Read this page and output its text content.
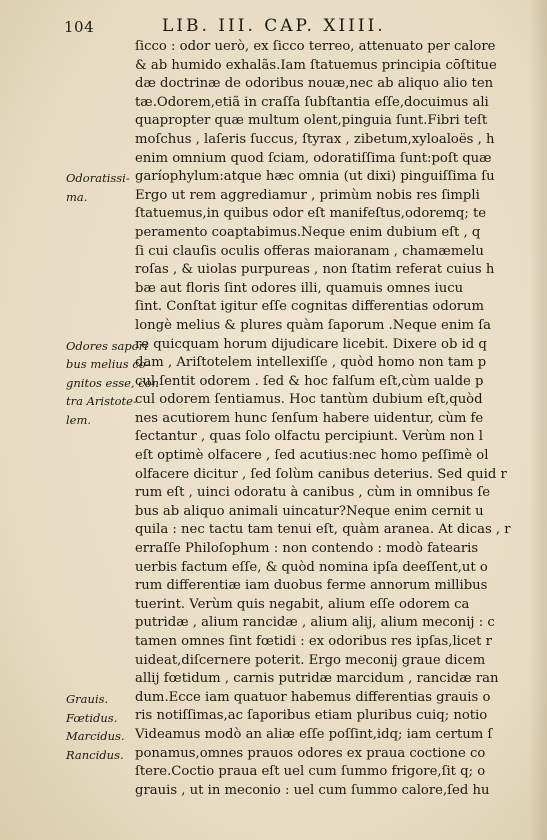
104	LIB. III. CAP. XIIII.
Odoratissi-
ma.
Odores sapori
bus melius co-
gnitos esse, con
tra Aristote-
lem.
Grauis.
Fœtidus.
Marcidus.
Rancidus.
ſicco : odor uerò, ex ſicco terreo, attenuato per calore
& ab humido exhalãs.Iam ſtatuemus principia cōſtitue
dæ doctrinæ de odoribus nouæ,nec ab aliquo alio ten
tæ.Odorem,etiã in craſſa ſubſtantia eſſe,docuimus ali
quapropter quæ multum olent,pinguia ſunt.Fibri teſt
moſchus , laſeris ſuccus, ſtyrax , zibetum,xyloaloës , h
enim omnium quod ſciam, odoratiſſima ſunt:poſt quæ
garíophylum:atque hæc omnia (ut dixi) pinguiſſima ſu
Ergo ut rem aggrediamur , primùm nobis res ſimpli
ſtatuemus,in quibus odor eſt manifeſtus,odoremq; te
peramento coaptabimus.Neque enim dubium eſt , q
ſi cui clauſis oculis offeras maioranam , chamæmelu
roſas , & uiolas purpureas , non ſtatim referat cuius h
bæ aut floris ſint odores illi, quamuis omnes iucu
ſint. Conſtat igitur eſſe cognitas differentias odorum
longè melius & plures quàm ſaporum .Neque enim ſa
re quicquam horum dijudicare licebit. Dixere ob id q
dam , Ariſtotelem intellexiſſe , quòd homo non tam p
cul ſentit odorem . ſed & hoc falſum eſt,cùm ualde p
cul odorem ſentiamus. Hoc tantùm dubium eſt,quòd
nes acutiorem hunc ſenſum habere uidentur, cùm fe
ſectantur , quas ſolo olfactu percipiunt. Verùm non l
eſt optimè olfacere , ſed acutius:nec homo peſſimè ol
olfacere dicitur , ſed ſolùm canibus deterius. Sed quid r
rum eſt , uinci odoratu à canibus , cùm in omnibus ſe
bus ab aliquo animali uincatur?Neque enim cernit u
quila : nec tactu tam tenui eſt, quàm aranea. At dicas , r
erraſſe Philoſophum : non contendo : modò fatearis
uerbis factum eſſe, & quòd nomina ipſa deeſſent,ut o
rum differentiæ iam duobus ferme annorum millibus
tuerint. Verùm quis negabit, alium eſſe odorem ca
putridæ , alium rancidæ , alium alij, alium meconij : c
tamen omnes ſint fœtidi : ex odoribus res ipſas,licet r
uideat,diſcernere poterit. Ergo meconij graue dicem
allij fœtidum , carnis putridæ marcidum , rancidæ ran
dum.Ecce iam quatuor habemus differentias grauis o
ris notiſſimas,ac ſaporibus etiam pluribus cuiq; notio
Videamus modò an aliæ eſſe poſſint,idq; iam certum ſ
ponamus,omnes prauos odores ex praua coctione co
ſtere.Coctio praua eſt uel cum ſummo frigore,ſit q; o
grauis , ut in meconio : uel cum ſummo calore,ſed hu
